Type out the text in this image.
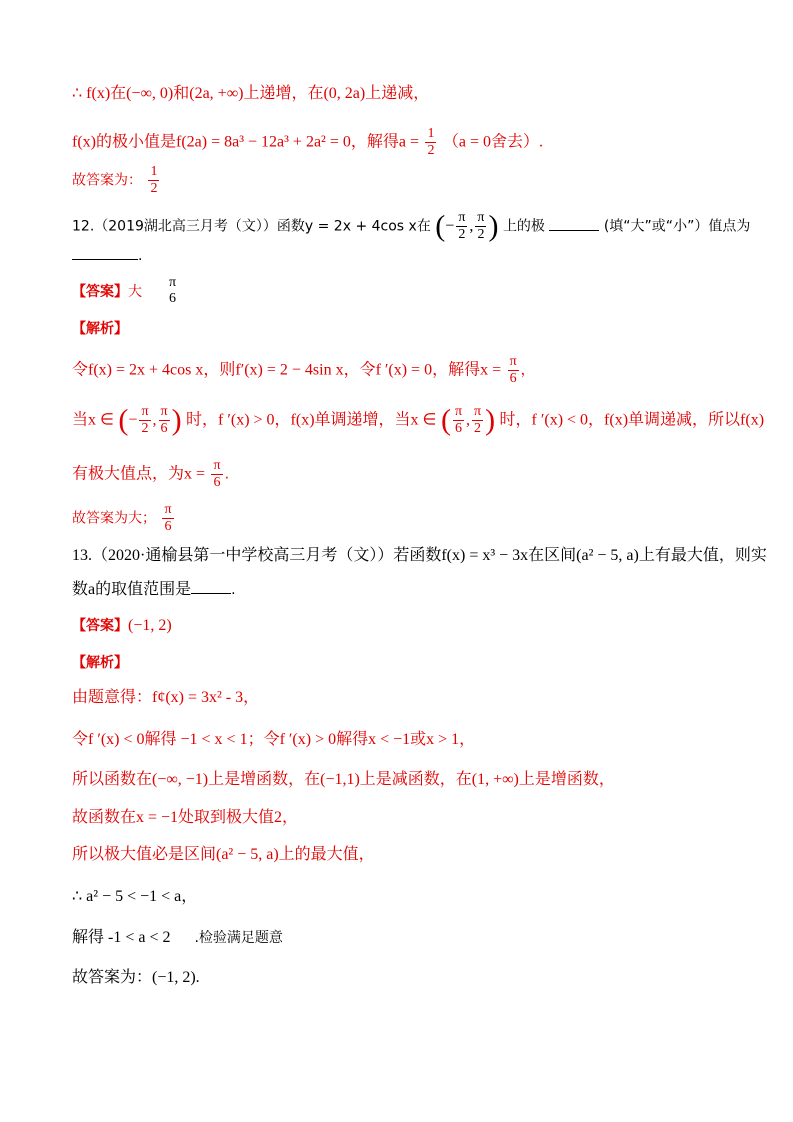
∴ f(x)在(−∞, 0)和(2a, +∞)上递增，在(0, 2a)上递减，
f(x)的极小值是f(2a) = 8a³ − 12a³ + 2a² = 0，解得$a = \frac{1}{2} (a = 0$舍去）.
故答案为： $\frac{1}{2}$
12.（2019湖北高三月考（文））函数y = 2x + 4cos x在 (− $\frac{\pi}{2}$ , $\frac{\pi}{2}$ ) 上的极	(填“大”或“小”）值点为
.
【答案】大
π
6
【解析】
令f(x) = 2x + 4cos x，则f′(x) = 2 − 4sin x，令f ′(x) = 0，解得$x = \frac{\pi}{6}$ ，
当x ∈ (− $\frac{\pi}{2}$ , $\frac{\pi}{6}$ ) 时，f ′(x) > 0，f(x)单调递增，当x ∈ ( $\frac{\pi}{6}$ , $\frac{\pi}{2}$ ) 时，f ′(x) < 0，f(x)单调递减，所以f(x)
有极大值点，为$x = \frac{\pi}{6}$ .
故答案为大； $\frac{\pi}{6}$
13.（2020·通榆县第一中学校高三月考（文））若函数f(x) = x³ − 3x在区间(a² − 5, a)上有最大值，则实
数a的取值范围是	.
【答案】(−1, 2)
【解析】
由题意得：f¢(x) = 3x² - 3，
令f ′(x) < 0解得 −1 < x < 1；令f ′(x) > 0解得x < −1或x > 1，
所以函数在(−∞, −1)上是增函数，在(−1,1)上是减函数，在(1, +∞)上是增函数，
故函数在x = −1处取到极大值2，
所以极大值必是区间(a² − 5, a)上的最大值，
∴ a² − 5 < −1 < a，
解得 -1 < a < 2 .检验满足题意
故答案为：(−1, 2).
